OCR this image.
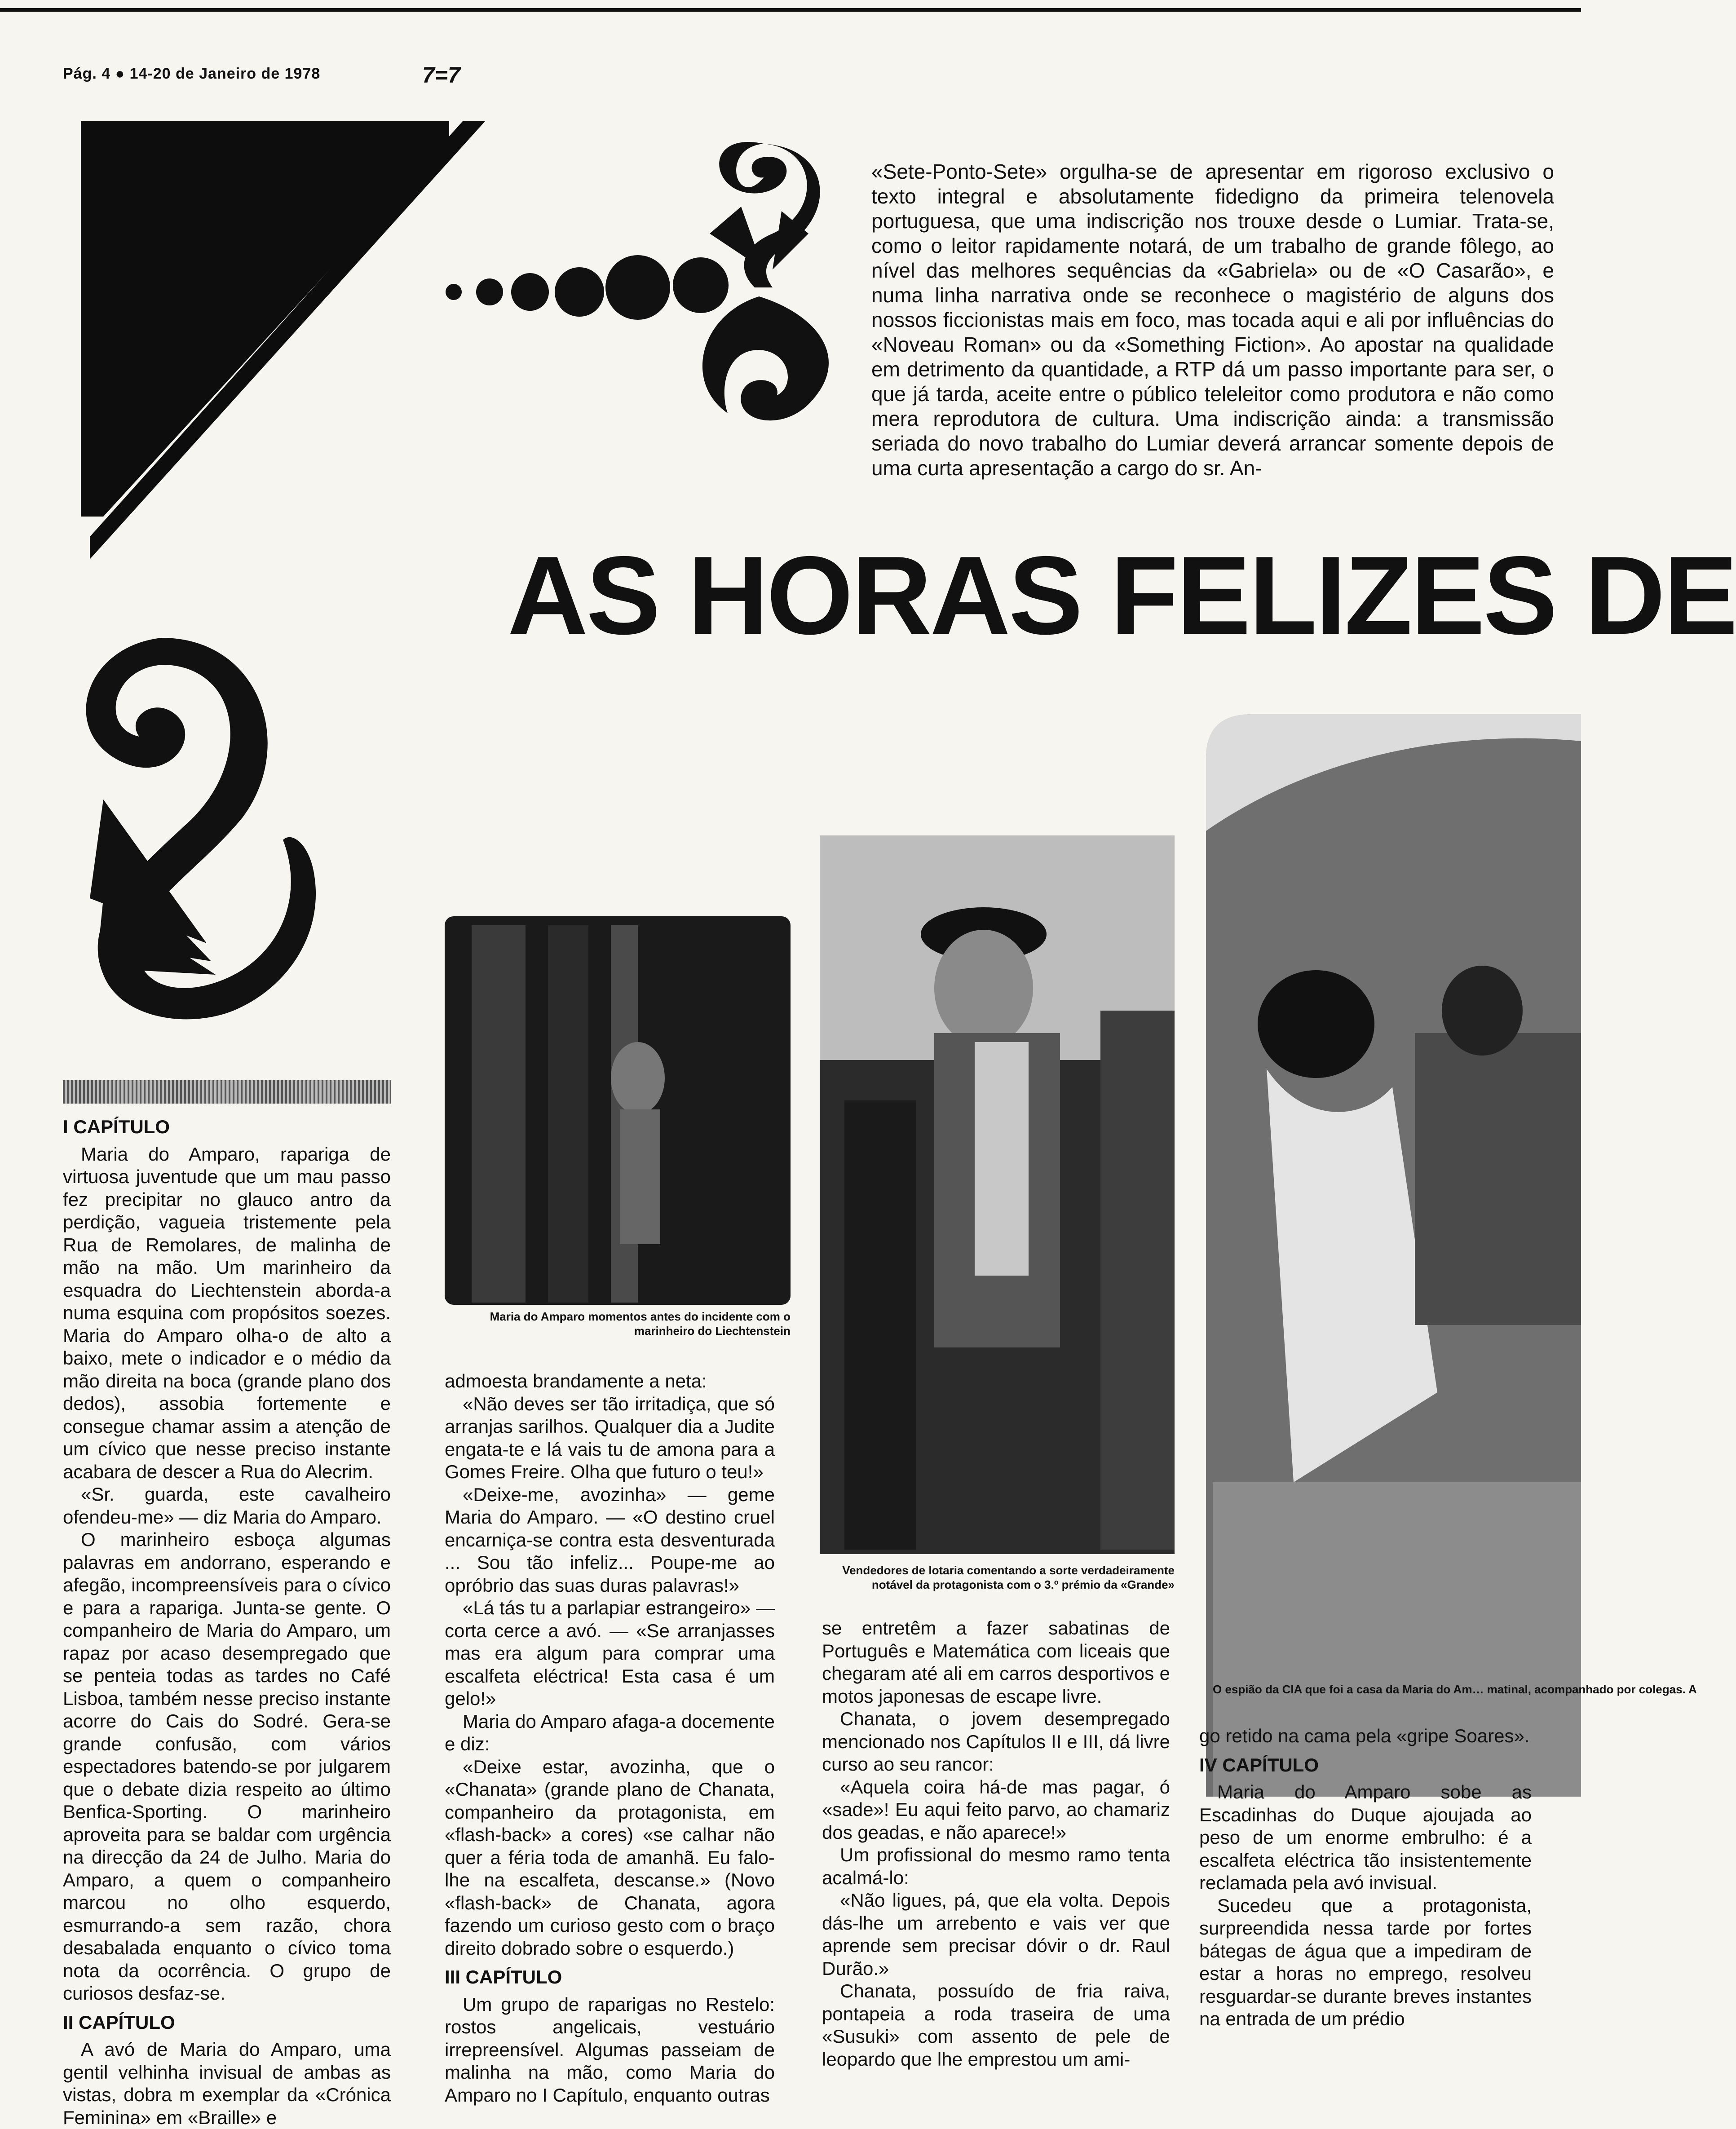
Pág. 4 ● 14-20 de Janeiro de 1978	7=7
«Sete-Ponto-Sete» orgulha-se de apresentar em rigoroso exclusivo o texto integral e absolutamente fidedigno da primeira telenovela portuguesa, que uma indiscrição nos trouxe desde o Lumiar. Trata-se, como o leitor rapidamente notará, de um trabalho de grande fôlego, ao nível das melhores sequências da «Gabriela» ou de «O Casarão», e numa linha narrativa onde se reconhece o magistério de alguns dos nossos ficcionistas mais em foco, mas tocada aqui e ali por influências do «Noveau Roman» ou da «Something Fiction». Ao apostar na qualidade em detrimento da quantidade, a RTP dá um passo importante para ser, o que já tarda, aceite entre o público teleleitor como produtora e não como mera reprodutora de cultura. Uma indiscrição ainda: a transmissão seriada do novo trabalho do Lumiar deverá arrancar somente depois de uma curta apresentação a cargo do sr. An-
AS HORAS FELIZES DE
Maria do Amparo momentos antes do incidente com o marinheiro do Liechtenstein
Vendedores de lotaria comentando a sorte verdadeiramente notável da protagonista com o 3.º prémio da «Grande»
O espião da CIA que foi a casa da Maria do Am… matinal, acompanhado por colegas. A

I CAPÍTULO

Maria do Amparo, rapariga de virtuosa juventude que um mau passo fez precipitar no glauco antro da perdição, vagueia tristemente pela Rua de Remolares, de malinha de mão na mão. Um marinheiro da esquadra do Liechtenstein aborda-a numa esquina com propósitos soezes. Maria do Amparo olha-o de alto a baixo, mete o indicador e o médio da mão direita na boca (grande plano dos dedos), assobia fortemente e consegue chamar assim a atenção de um cívico que nesse preciso instante acabara de descer a Rua do Alecrim.

«Sr. guarda, este cavalheiro ofendeu-me» — diz Maria do Amparo.

O marinheiro esboça algumas palavras em andorrano, esperando e afegão, incompreensíveis para o cívico e para a rapariga. Junta-se gente. O companheiro de Maria do Amparo, um rapaz por acaso desempregado que se penteia todas as tardes no Café Lisboa, também nesse preciso instante acorre do Cais do Sodré. Gera-se grande confusão, com vários espectadores batendo-se por julgarem que o debate dizia respeito ao último Benfica-Sporting. O marinheiro aproveita para se baldar com urgência na direcção da 24 de Julho. Maria do Amparo, a quem o companheiro marcou no olho esquerdo, esmurrando-a sem razão, chora desabalada enquanto o cívico toma nota da ocorrência. O grupo de curiosos desfaz-se.

II CAPÍTULO

A avó de Maria do Amparo, uma gentil velhinha invisual de ambas as vistas, dobra m exemplar da «Crónica Feminina» em «Braille» e

admoesta brandamente a neta:

«Não deves ser tão irritadiça, que só arranjas sarilhos. Qualquer dia a Judite engata-te e lá vais tu de amona para a Gomes Freire. Olha que futuro o teu!»

«Deixe-me, avozinha» — geme Maria do Amparo. — «O destino cruel encarniça-se contra esta desventurada ... Sou tão infeliz... Poupe-me ao opróbrio das suas duras palavras!»

«Lá tás tu a parlapiar estrangeiro» — corta cerce a avó. — «Se arranjasses mas era algum para comprar uma escalfeta eléctrica! Esta casa é um gelo!»

Maria do Amparo afaga-a docemente e diz:

«Deixe estar, avozinha, que o «Chanata» (grande plano de Chanata, companheiro da protagonista, em «flash-back» a cores) «se calhar não quer a féria toda de amanhã. Eu falo-lhe na escalfeta, descanse.» (Novo «flash-back» de Chanata, agora fazendo um curioso gesto com o braço direito dobrado sobre o esquerdo.)

III CAPÍTULO

Um grupo de raparigas no Restelo: rostos angelicais, vestuário irrepreensível. Algumas passeiam de malinha na mão, como Maria do Amparo no I Capítulo, enquanto outras

se entretêm a fazer sabatinas de Português e Matemática com liceais que chegaram até ali em carros desportivos e motos japonesas de escape livre.

Chanata, o jovem desempregado mencionado nos Capítulos II e III, dá livre curso ao seu rancor:

«Aquela coira há-de mas pagar, ó «sade»! Eu aqui feito parvo, ao chamariz dos geadas, e não aparece!»

Um profissional do mesmo ramo tenta acalmá-lo:

«Não ligues, pá, que ela volta. Depois dás-lhe um arrebento e vais ver que aprende sem precisar dóvir o dr. Raul Durão.»

Chanata, possuído de fria raiva, pontapeia a roda traseira de uma «Susuki» com assento de pele de leopardo que lhe emprestou um ami-

go retido na cama pela «gripe Soares».

IV CAPÍTULO

Maria do Amparo sobe as Escadinhas do Duque ajoujada ao peso de um enorme embrulho: é a escalfeta eléctrica tão insistentemente reclamada pela avó invisual.

Sucedeu que a protagonista, surpreendida nessa tarde por fortes bátegas de água que a impediram de estar a horas no emprego, resolveu resguardar-se durante breves instantes na entrada de um prédio
